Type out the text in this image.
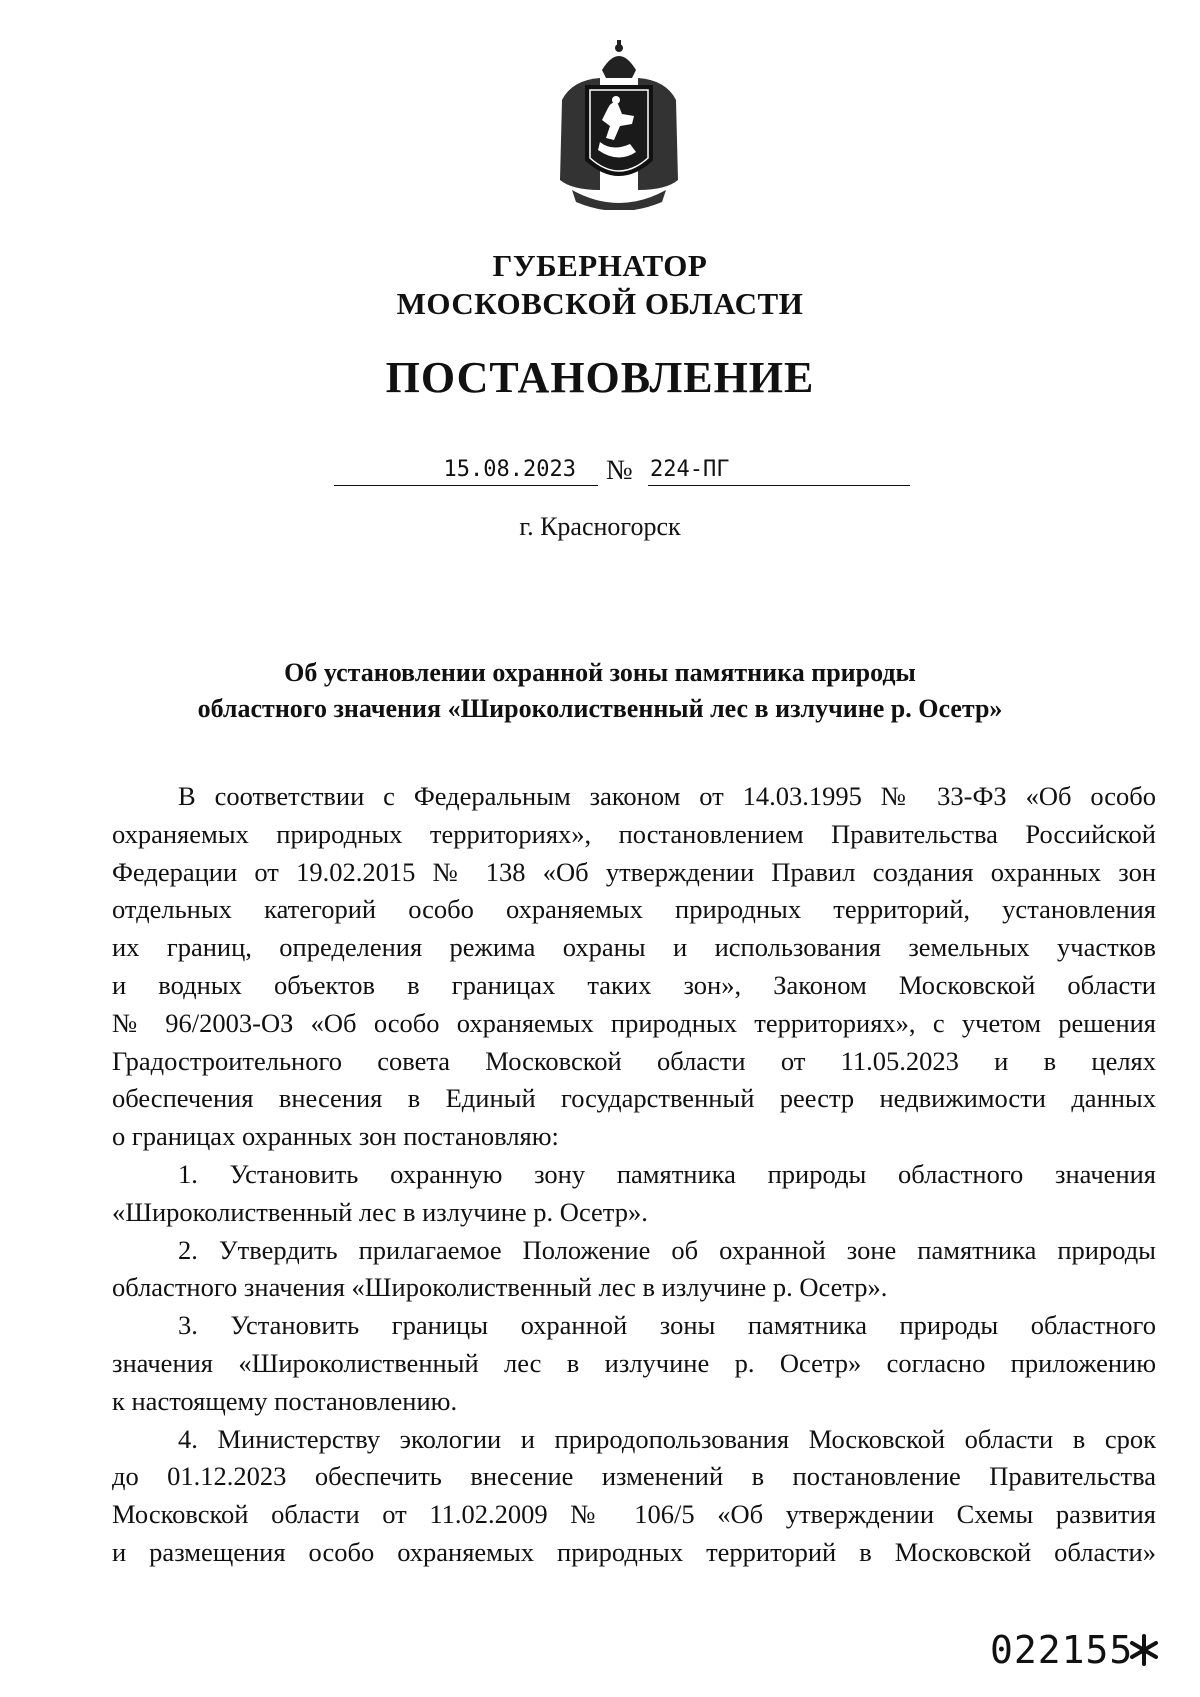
ГУБЕРНАТОР
МОСКОВСКОЙ ОБЛАСТИ
ПОСТАНОВЛЕНИЕ
15.08.2023	№ 224-ПГ
г. Красногорск
Об установлении охранной зоны памятника природы
областного значения «Широколиственный лес в излучине р. Осетр»
В соответствии с Федеральным законом от 14.03.1995 № 33-ФЗ «Об особо
охраняемых природных территориях», постановлением Правительства Российской
Федерации от 19.02.2015 № 138 «Об утверждении Правил создания охранных зон
отдельных категорий особо охраняемых природных территорий, установления
их границ, определения режима охраны и использования земельных участков
и водных объектов в границах таких зон», Законом Московской области
№ 96/2003-ОЗ «Об особо охраняемых природных территориях», с учетом решения
Градостроительного совета Московской области от 11.05.2023 и в целях
обеспечения внесения в Единый государственный реестр недвижимости данных
о границах охранных зон постановляю:
1. Установить охранную зону памятника природы областного значения
«Широколиственный лес в излучине р. Осетр».
2. Утвердить прилагаемое Положение об охранной зоне памятника природы
областного значения «Широколиственный лес в излучине р. Осетр».
3. Установить границы охранной зоны памятника природы областного
значения «Широколиственный лес в излучине р. Осетр» согласно приложению
к настоящему постановлению.
4. Министерству экологии и природопользования Московской области в срок
до 01.12.2023 обеспечить внесение изменений в постановление Правительства
Московской области от 11.02.2009 № 106/5 «Об утверждении Схемы развития
и размещения особо охраняемых природных территорий в Московской области»
022155
